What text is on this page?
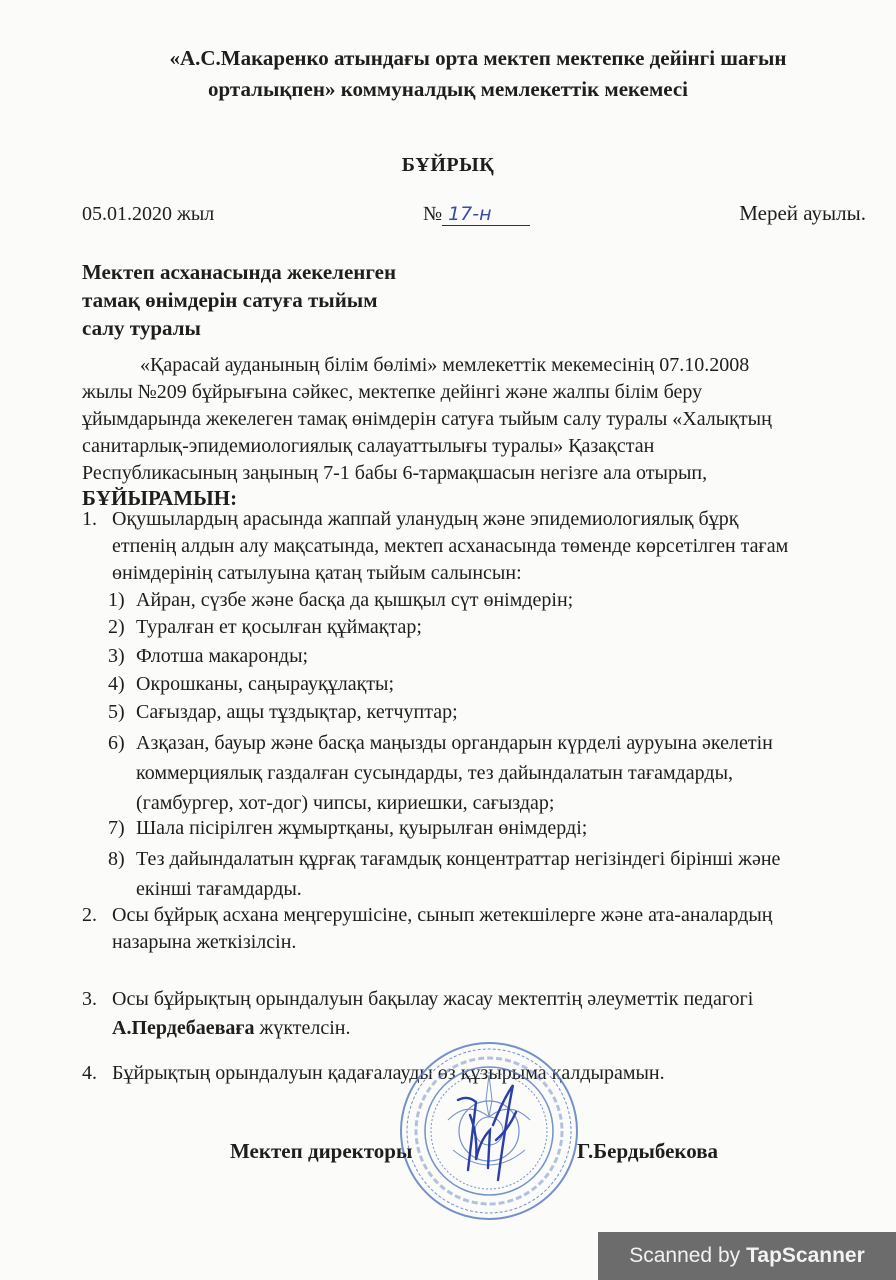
«А.С.Макаренко атындағы орта мектеп мектепке дейінгі шағын
орталықпен» коммуналдық мемлекеттік мекемесі
БҰЙРЫҚ
05.01.2020 жыл	№ 17-н	Мерей ауылы.
Мектеп асханасында жекеленген
тамақ өнімдерін сатуға тыйым
салу туралы
«Қарасай ауданының білім бөлімі» мемлекеттік мекемесінің 07.10.2008
жылы №209 бұйрығына сәйкес, мектепке дейінгі және жалпы білім беру
ұйымдарында жекелеген тамақ өнімдерін сатуға тыйым салу туралы «Халықтың
санитарлық-эпидемиологиялық салауаттылығы туралы» Қазақстан
Республикасының заңының 7-1 бабы 6-тармақшасын негізге ала отырып,
БҰЙЫРАМЫН:
1. Оқушылардың арасында жаппай уланудың және эпидемиологиялық бұрқ
етпенің алдын алу мақсатында, мектеп асханасында төменде көрсетілген тағам
өнімдерінің сатылуына қатаң тыйым салынсын:
1) Айран, сүзбе және басқа да қышқыл сүт өнімдерін;
2) Туралған ет қосылған құймақтар;
3) Флотша макаронды;
4) Окрошканы, саңырауқұлақты;
5) Сағыздар, ащы тұздықтар, кетчуптар;
6) Азқазан, бауыр және басқа маңызды органдарын күрделі ауруына әкелетін
коммерциялық газдалған сусындарды, тез дайындалатын тағамдарды,
(гамбургер, хот-дог) чипсы, кириешки, сағыздар;
7) Шала пісірілген жұмыртқаны, қуырылған өнімдерді;
8) Тез дайындалатын құрғақ тағамдық концентраттар негізіндегі бірінші және
екінші тағамдарды.
2. Осы бұйрық асхана меңгерушісіне, сынып жетекшілерге және ата-аналардың
назарына жеткізілсін.
3. Осы бұйрықтың орындалуын бақылау жасау мектептің әлеуметтік педагогі
А.Пердебаеваға жүктелсін.
4. Бұйрықтың орындалуын қадағалауды өз құзырыма қалдырамын.
Мектеп директоры	Г.Бердыбекова
Scanned by TapScanner
